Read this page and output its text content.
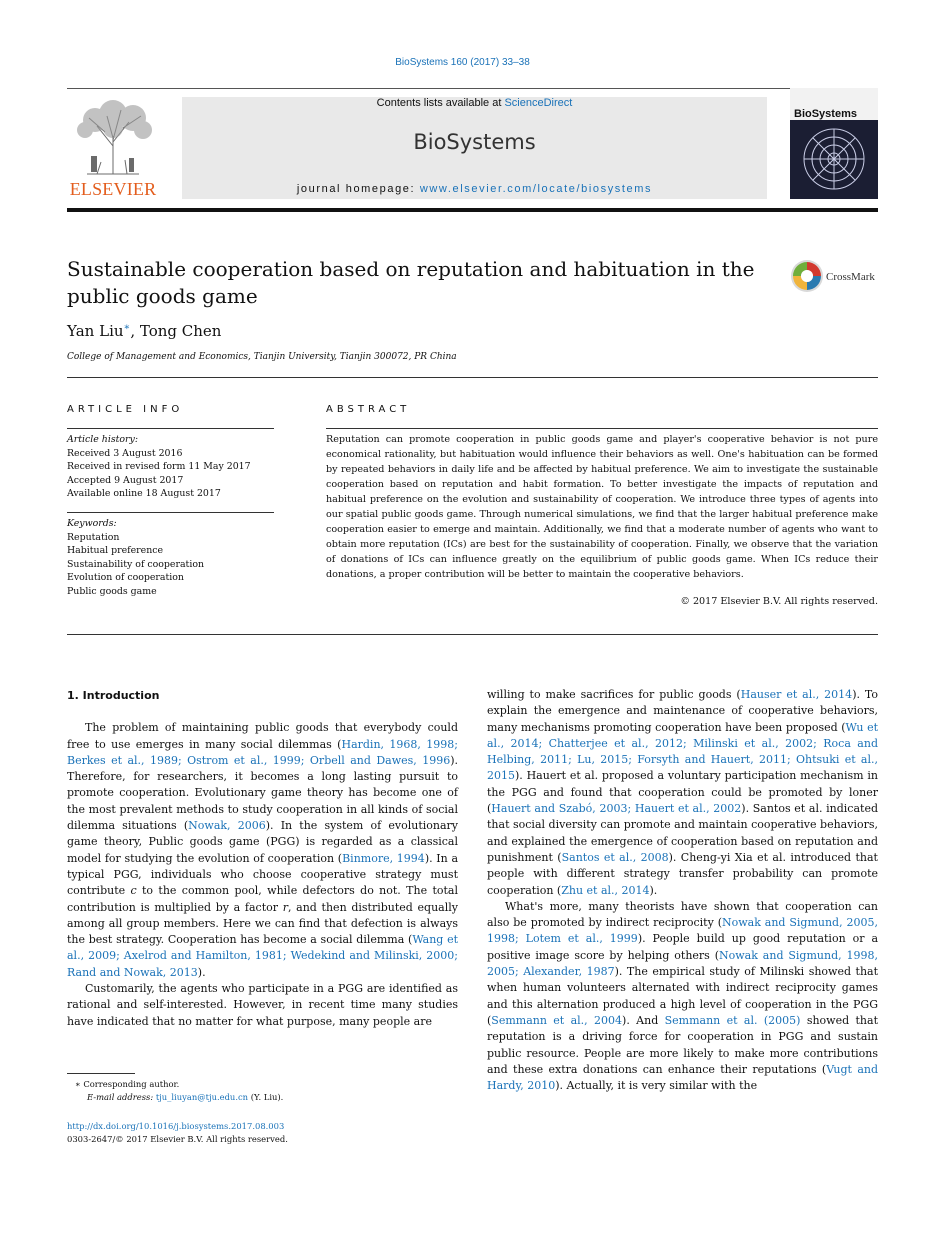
BioSystems 160 (2017) 33–38
ELSEVIER
Contents lists available at ScienceDirect
BioSystems
journal homepage: www.elsevier.com/locate/biosystems
BioSystems
Sustainable cooperation based on reputation and habituation in the public goods game
CrossMark
Yan Liu∗, Tong Chen
College of Management and Economics, Tianjin University, Tianjin 300072, PR China
ARTICLE INFO
Article history:
Received 3 August 2016
Received in revised form 11 May 2017
Accepted 9 August 2017
Available online 18 August 2017
Keywords:
Reputation
Habitual preference
Sustainability of cooperation
Evolution of cooperation
Public goods game
ABSTRACT
Reputation can promote cooperation in public goods game and player's cooperative behavior is not pure economical rationality, but habituation would influence their behaviors as well. One's habituation can be formed by repeated behaviors in daily life and be affected by habitual preference. We aim to investigate the sustainable cooperation based on reputation and habit formation. To better investigate the impacts of reputation and habitual preference on the evolution and sustainability of cooperation. We introduce three types of agents into our spatial public goods game. Through numerical simulations, we find that the larger habitual preference make cooperation easier to emerge and maintain. Additionally, we find that a moderate number of agents who want to obtain more reputation (ICs) are best for the sustainability of cooperation. Finally, we observe that the variation of donations of ICs can influence greatly on the equilibrium of public goods game. When ICs reduce their donations, a proper contribution will be better to maintain the cooperative behaviors.
© 2017 Elsevier B.V. All rights reserved.
1. Introduction

The problem of maintaining public goods that everybody could free to use emerges in many social dilemmas (Hardin, 1968, 1998; Berkes et al., 1989; Ostrom et al., 1999; Orbell and Dawes, 1996). Therefore, for researchers, it becomes a long lasting pursuit to promote cooperation. Evolutionary game theory has become one of the most prevalent methods to study cooperation in all kinds of social dilemma situations (Nowak, 2006). In the system of evolutionary game theory, Public goods game (PGG) is regarded as a classical model for studying the evolution of cooperation (Binmore, 1994). In a typical PGG, individuals who choose cooperative strategy must contribute c to the common pool, while defectors do not. The total contribution is multiplied by a factor r, and then distributed equally among all group members. Here we can find that defection is always the best strategy. Cooperation has become a social dilemma (Wang et al., 2009; Axelrod and Hamilton, 1981; Wedekind and Milinski, 2000; Rand and Nowak, 2013).

Customarily, the agents who participate in a PGG are identified as rational and self-interested. However, in recent time many studies have indicated that no matter for what purpose, many people are

willing to make sacrifices for public goods (Hauser et al., 2014). To explain the emergence and maintenance of cooperative behaviors, many mechanisms promoting cooperation have been proposed (Wu et al., 2014; Chatterjee et al., 2012; Milinski et al., 2002; Roca and Helbing, 2011; Lu, 2015; Forsyth and Hauert, 2011; Ohtsuki et al., 2015). Hauert et al. proposed a voluntary participation mechanism in the PGG and found that cooperation could be promoted by loner (Hauert and Szabó, 2003; Hauert et al., 2002). Santos et al. indicated that social diversity can promote and maintain cooperative behaviors, and explained the emergence of cooperation based on reputation and punishment (Santos et al., 2008). Cheng-yi Xia et al. introduced that people with different strategy transfer probability can promote cooperation (Zhu et al., 2014).

What's more, many theorists have shown that cooperation can also be promoted by indirect reciprocity (Nowak and Sigmund, 2005, 1998; Lotem et al., 1999). People build up good reputation or a positive image score by helping others (Nowak and Sigmund, 1998, 2005; Alexander, 1987). The empirical study of Milinski showed that when human volunteers alternated with indirect reciprocity games and this alternation produced a high level of cooperation in the PGG (Semmann et al., 2004). And Semmann et al. (2005) showed that reputation is a driving force for cooperation in PGG and sustain public resource. People are more likely to make more contributions and these extra donations can enhance their reputations (Vugt and Hardy, 2010). Actually, it is very similar with the

∗ Corresponding author.
E-mail address: tju_liuyan@tju.edu.cn (Y. Liu).
http://dx.doi.org/10.1016/j.biosystems.2017.08.003
0303-2647/© 2017 Elsevier B.V. All rights reserved.
